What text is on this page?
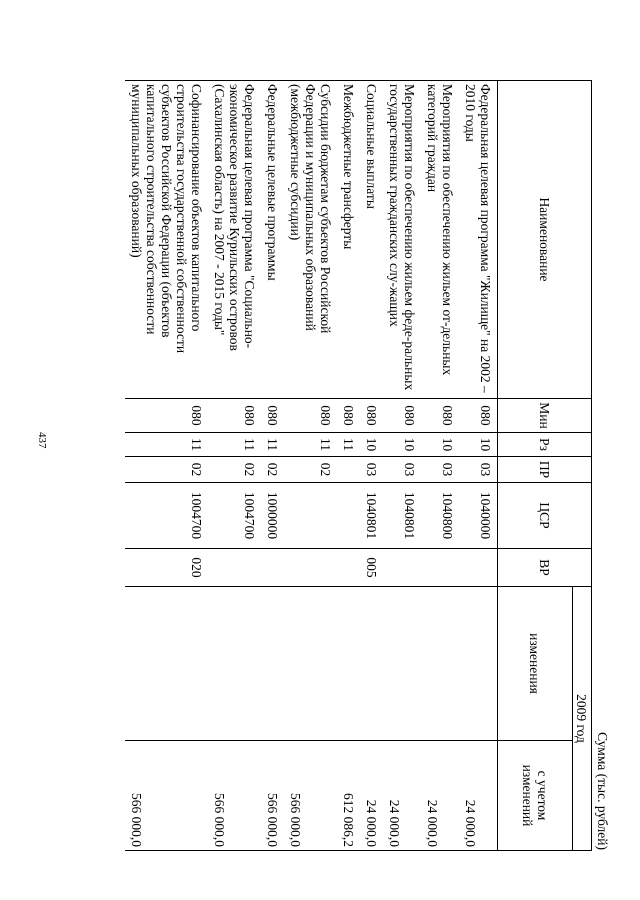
437
Сумма (тыс. рублей)
Наименование	Мин	Рз	ПР	ЦСР	ВР	2009 год	
						изменения	с учетом изменений
Федеральная целевая программа "Жилище" на 2002 – 2010 годы	080	10	03	1040000			24 000,0
Мероприятия по обеспечению жильем от-дельных категорий граждан	080	10	03	1040800			24 000,0
Мероприятия по обеспечению жильем феде-ральных государственных гражданских слу-жащих	080	10	03	1040801			24 000,0
Социальные выплаты	080	10	03	1040801	005		24 000,0
Межбюджетные трансферты	080	11					612 086,2
Субсидии бюджетам субъектов Российской Федерации и муниципальных образований (межбюджетные субсидии)	080	11	02				566 000,0
Федеральные целевые программы	080	11	02	1000000			566 000,0
Федеральная целевая программа "Социально-экономическое развитие Курильских островов (Сахалинская область) на 2007 - 2015 годы"	080	11	02	1004700			566 000,0
Софинансирование объектов капитального строительства государственной собственности субъектов Российской Федерации (объектов капитального строительства собственности муниципальных образований)	080	11	02	1004700	020		566 000,0
